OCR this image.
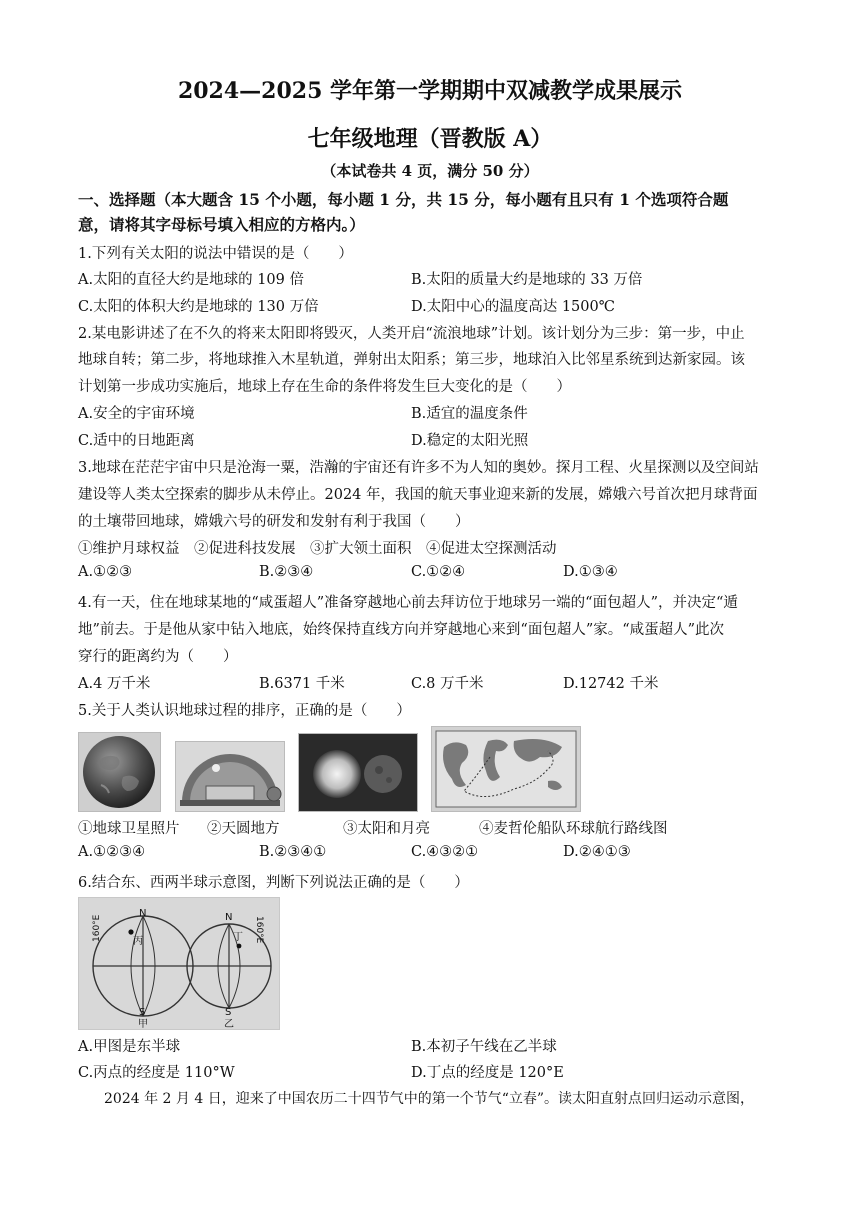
2024—2025 学年第一学期期中双减教学成果展示
七年级地理（晋教版 A）
（本试卷共 4 页，满分 50 分）
一、选择题（本大题含 15 个小题，每小题 1 分，共 15 分，每小题有且只有 1 个选项符合题
意，请将其字母标号填入相应的方格内。）
1.下列有关太阳的说法中错误的是（　　）
A.太阳的直径大约是地球的 109 倍	B.太阳的质量大约是地球的 33 万倍
C.太阳的体积大约是地球的 130 万倍	D.太阳中心的温度高达 1500℃
2.某电影讲述了在不久的将来太阳即将毁灭，人类开启“流浪地球”计划。该计划分为三步：第一步，中止
地球自转；第二步，将地球推入木星轨道，弹射出太阳系；第三步，地球泊入比邻星系统到达新家园。该
计划第一步成功实施后，地球上存在生命的条件将发生巨大变化的是（　　）
A.安全的宇宙环境	B.适宜的温度条件
C.适中的日地距离	D.稳定的太阳光照
3.地球在茫茫宇宙中只是沧海一粟，浩瀚的宇宙还有许多不为人知的奥妙。探月工程、火星探测以及空间站
建设等人类太空探索的脚步从未停止。2024 年，我国的航天事业迎来新的发展，嫦娥六号首次把月球背面
的土壤带回地球，嫦娥六号的研发和发射有利于我国（　　）
①维护月球权益　②促进科技发展　③扩大领土面积　④促进太空探测活动
A.①②③	B.②③④	C.①②④	D.①③④
4.有一天，住在地球某地的“咸蛋超人”准备穿越地心前去拜访位于地球另一端的“面包超人”，并决定“遁
地”前去。于是他从家中钻入地底，始终保持直线方向并穿越地心来到“面包超人”家。“咸蛋超人”此次
穿行的距离约为（　　）
A.4 万千米	B.6371 千米	C.8 万千米	D.12742 千米
5.关于人类认识地球过程的排序，正确的是（　　）
①地球卫星照片 ②天圆地方	③太阳和月亮	④麦哲伦船队环球航行路线图
A.①②③④	B.②③④①	C.④③②①	D.②④①③
6.结合东、西两半球示意图，判断下列说法正确的是（　　）
N	N
S	S
丙	丁
甲	乙
160°E	160°E
A.甲图是东半球	B.本初子午线在乙半球
C.丙点的经度是 110°W	D.丁点的经度是 120°E
2024 年 2 月 4 日，迎来了中国农历二十四节气中的第一个节气“立春”。读太阳直射点回归运动示意图，
